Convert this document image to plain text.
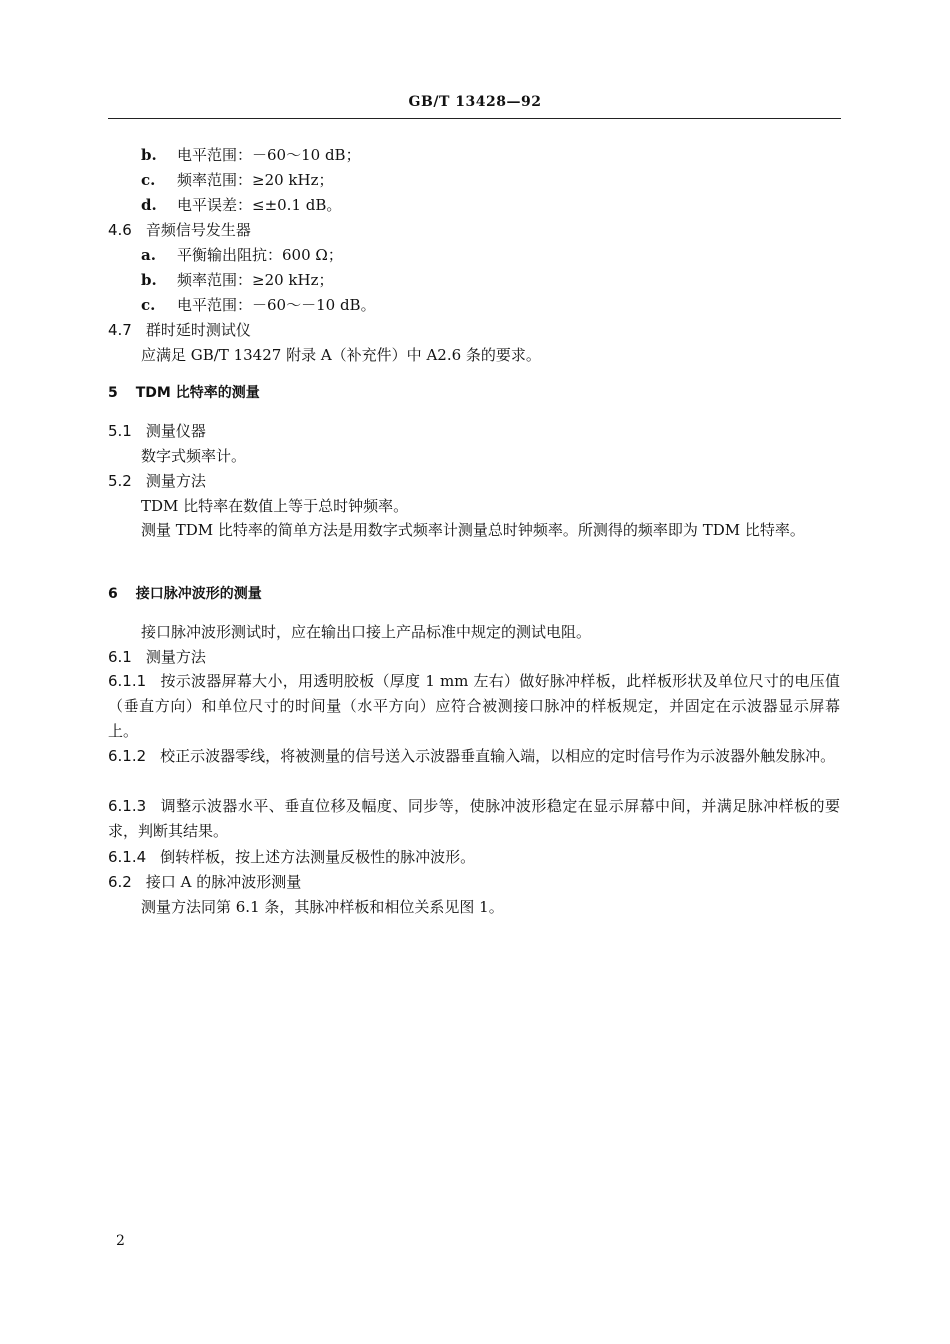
GB/T 13428—92
b. 电平范围：－60～10 dB；
c. 频率范围：≥20 kHz；
d. 电平误差：≤±0.1 dB。
4.6 音频信号发生器
a. 平衡输出阻抗：600 Ω；
b. 频率范围：≥20 kHz；
c. 电平范围：－60～－10 dB。
4.7 群时延时测试仪
应满足 GB/T 13427 附录 A（补充件）中 A2.6 条的要求。
5 TDM 比特率的测量
5.1 测量仪器
数字式频率计。
5.2 测量方法
TDM 比特率在数值上等于总时钟频率。
测量 TDM 比特率的简单方法是用数字式频率计测量总时钟频率。所测得的频率即为 TDM 比特率。
6 接口脉冲波形的测量
接口脉冲波形测试时，应在输出口接上产品标准中规定的测试电阻。
6.1 测量方法
6.1.1 按示波器屏幕大小，用透明胶板（厚度 1 mm 左右）做好脉冲样板，此样板形状及单位尺寸的电压值（垂直方向）和单位尺寸的时间量（水平方向）应符合被测接口脉冲的样板规定，并固定在示波器显示屏幕上。
6.1.2 校正示波器零线，将被测量的信号送入示波器垂直输入端，以相应的定时信号作为示波器外触发脉冲。
6.1.3 调整示波器水平、垂直位移及幅度、同步等，使脉冲波形稳定在显示屏幕中间，并满足脉冲样板的要求，判断其结果。
6.1.4 倒转样板，按上述方法测量反极性的脉冲波形。
6.2 接口 A 的脉冲波形测量
测量方法同第 6.1 条，其脉冲样板和相位关系见图 1。
2
